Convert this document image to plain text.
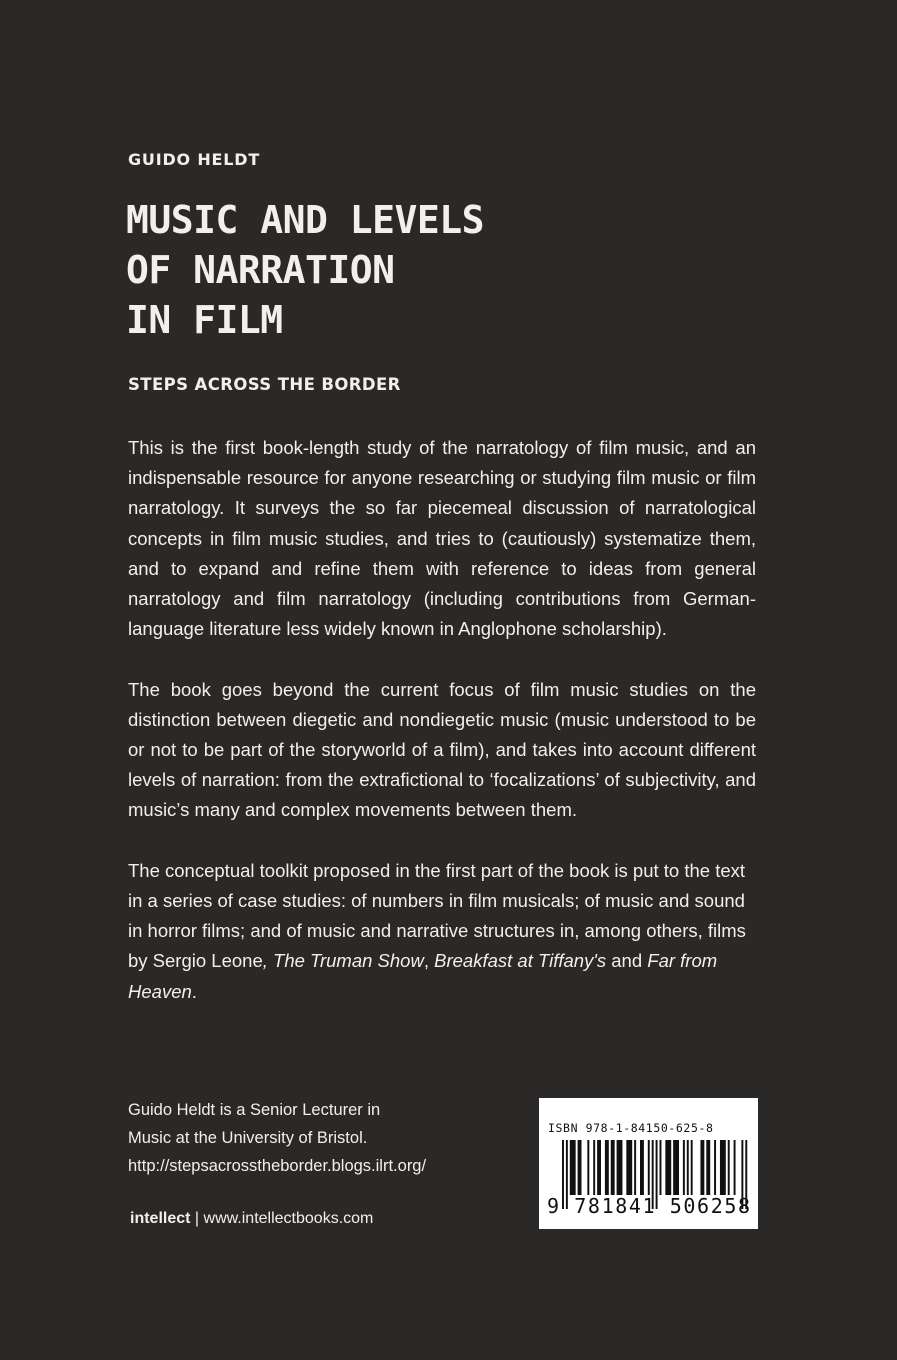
GUIDO HELDT
MUSIC AND LEVELS
OF NARRATION
IN FILM
STEPS ACROSS THE BORDER

This is the first book-length study of the narratology of film music, and an indispensable resource for anyone researching or studying film music or film narratology. It surveys the so far piecemeal discussion of narratological concepts in film music studies, and tries to (cautiously) systematize them, and to expand and refine them with reference to ideas from general narratology and film narratology (including contributions from German-language literature less widely known in Anglophone scholarship).

The book goes beyond the current focus of film music studies on the distinction between diegetic and nondiegetic music (music understood to be or not to be part of the storyworld of a film), and takes into account different levels of narration: from the extrafictional to ‘focalizations’ of subjectivity, and music’s many and complex movements between them.

The conceptual toolkit proposed in the first part of the book is put to the text in a series of case studies: of numbers in film musicals; of music and sound in horror films; and of music and narrative structures in, among others, films by Sergio Leone, The Truman Show, Breakfast at Tiffany's and Far from Heaven.

Guido Heldt is a Senior Lecturer in
Music at the University of Bristol.
http://stepsacrosstheborder.blogs.ilrt.org/
intellect | www.intellectbooks.com
ISBN 978-1-84150-625-8
9 781841 506258
